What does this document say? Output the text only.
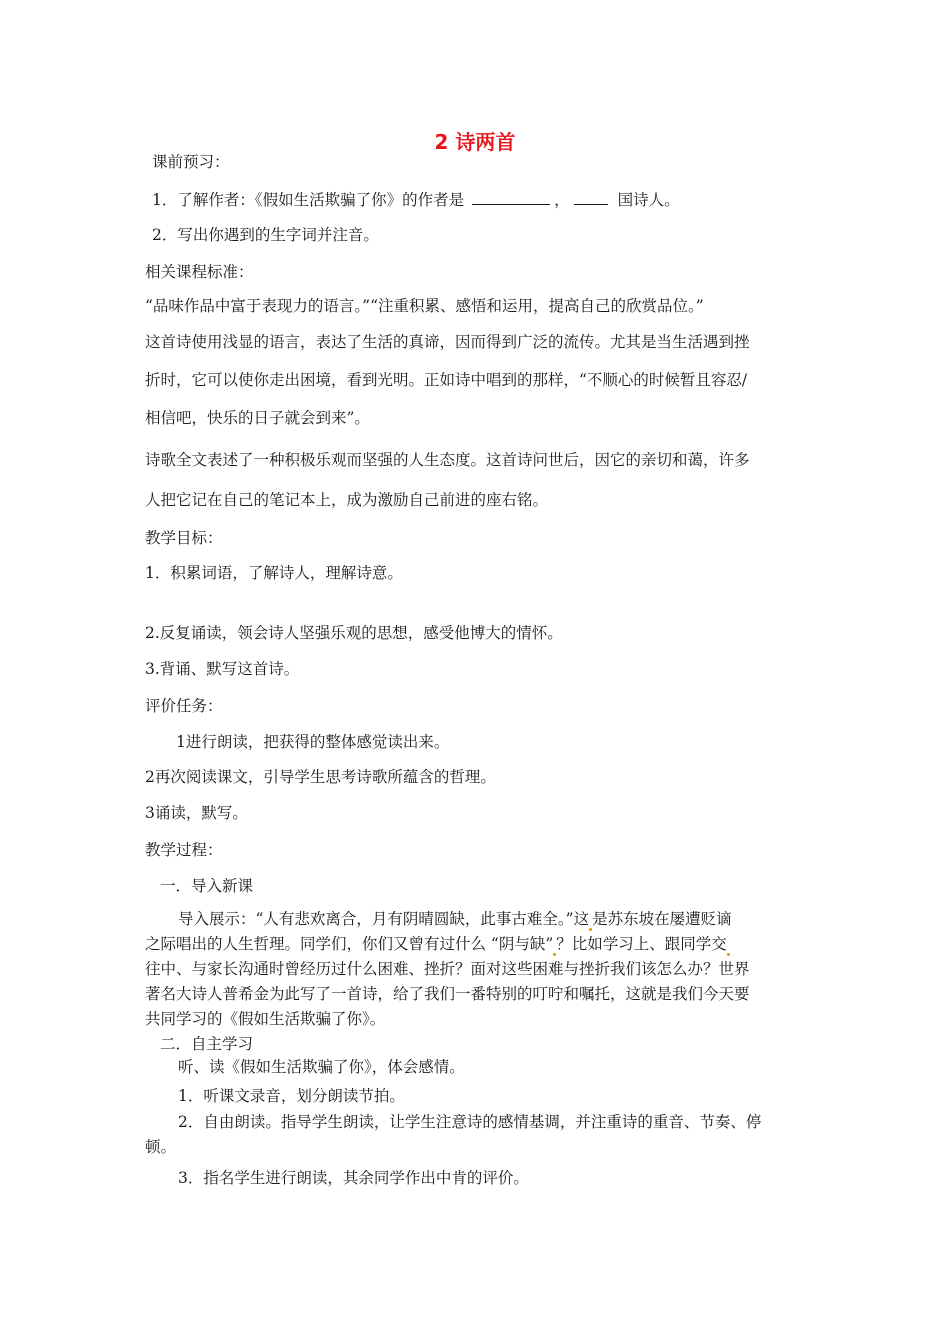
2 诗两首
课前预习：
1．了解作者：《假如生活欺骗了你》的作者是	，	国诗人。
2．写出你遇到的生字词并注音。
相关课程标准：
“品味作品中富于表现力的语言。”“注重积累、感悟和运用，提高自己的欣赏品位。”
这首诗使用浅显的语言，表达了生活的真谛，因而得到广泛的流传。尤其是当生活遇到挫
折时，它可以使你走出困境，看到光明。正如诗中唱到的那样，“不顺心的时候暂且容忍/
相信吧，快乐的日子就会到来”。
诗歌全文表述了一种积极乐观而坚强的人生态度。这首诗问世后，因它的亲切和蔼，许多
人把它记在自己的笔记本上，成为激励自己前进的座右铭。
教学目标：
1．积累词语，了解诗人，理解诗意。
2.反复诵读，领会诗人坚强乐观的思想，感受他博大的情怀。
3.背诵、默写这首诗。
评价任务：
1进行朗读，把获得的整体感觉读出来。
2再次阅读课文，引导学生思考诗歌所蕴含的哲理。
3诵读，默写。
教学过程：
一．导入新课
导入展示：“人有悲欢离合，月有阴晴圆缺，此事古难全。”这 是苏东坡在屡遭贬谪
之际唱出的人生哲理。同学们，你们又曾有过什么 “阴与缺” ？比如学习上、跟同学交
往中、与家长沟通时曾经历过什么困难、挫折？面对这些困难与挫折我们该怎么办？世界
著名大诗人普希金为此写了一首诗，给了我们一番特别的叮咛和嘱托，这就是我们今天要
共同学习的《假如生活欺骗了你》。
二．自主学习
听、读《假如生活欺骗了你》，体会感情。
1．听课文录音，划分朗读节拍。
2．自由朗读。指导学生朗读，让学生注意诗的感情基调，并注重诗的重音、节奏、停
顿。
3．指名学生进行朗读，其余同学作出中肯的评价。
